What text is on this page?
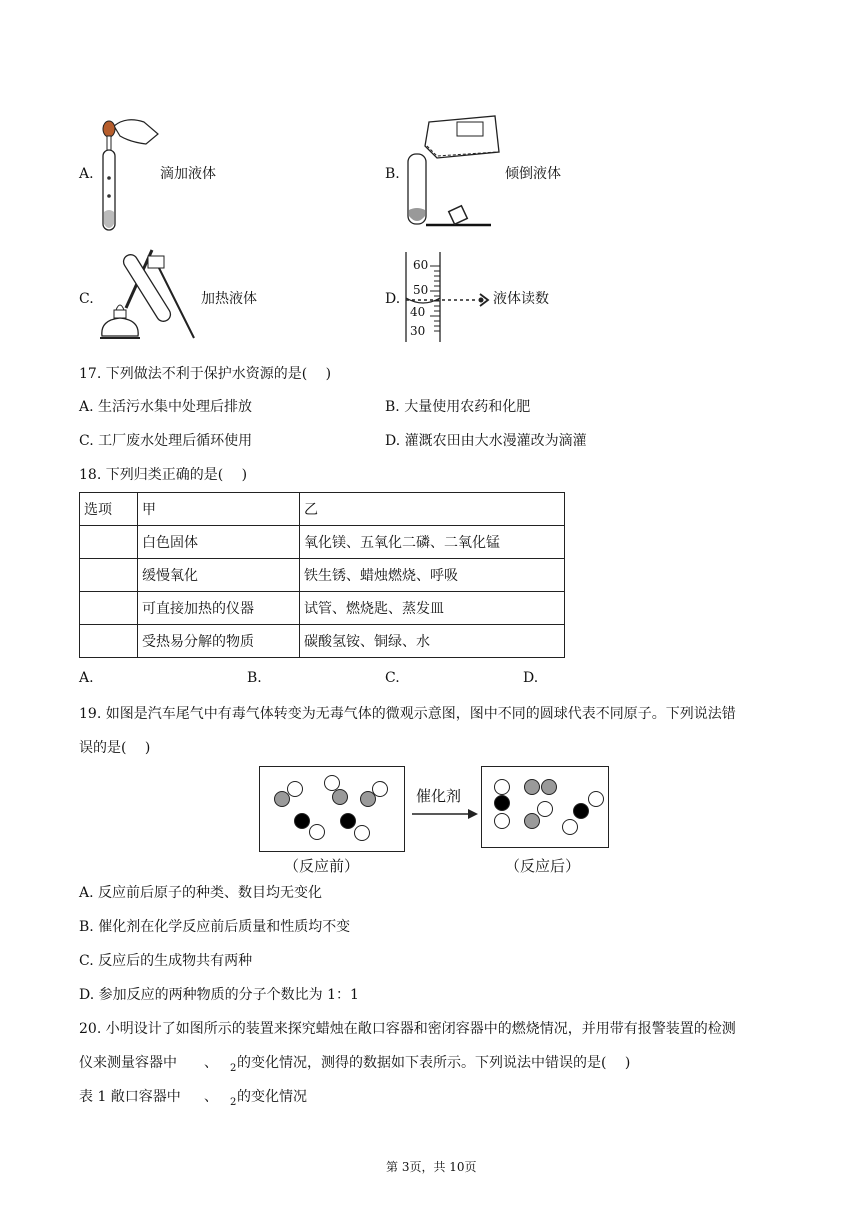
A.	滴加液体	B.	倾倒液体
C.	加热液体	D.
60
50
40
30
液体读数
17. 下列做法不利于保护水资源的是(　 )
A. 生活污水集中处理后排放	B. 大量使用农药和化肥
C. 工厂废水处理后循环使用	D. 灌溉农田由大水漫灌改为滴灌
18. 下列归类正确的是(　 )
选项	甲	乙
	白色固体	氧化镁、五氧化二磷、二氧化锰
	缓慢氧化	铁生锈、蜡烛燃烧、呼吸
	可直接加热的仪器	试管、燃烧匙、蒸发皿
	受热易分解的物质	碳酸氢铵、铜绿、水
A.	B.	C.	D.
19. 如图是汽车尾气中有毒气体转变为无毒气体的微观示意图，图中不同的圆球代表不同原子。下列说法错
误的是(　 )
催化剂
（反应前）	（反应后）
A. 反应前后原子的种类、数目均无变化
B. 催化剂在化学反应前后质量和性质均不变
C. 反应后的生成物共有两种
D. 参加反应的两种物质的分子个数比为 1：1
20. 小明设计了如图所示的装置来探究蜡烛在敞口容器和密闭容器中的燃烧情况，并用带有报警装置的检测
仪来测量容器中 、 2 的变化情况，测得的数据如下表所示。下列说法中错误的是(　 )
表 1 敞口容器中 、 2 的变化情况
第 3页，共 10页
